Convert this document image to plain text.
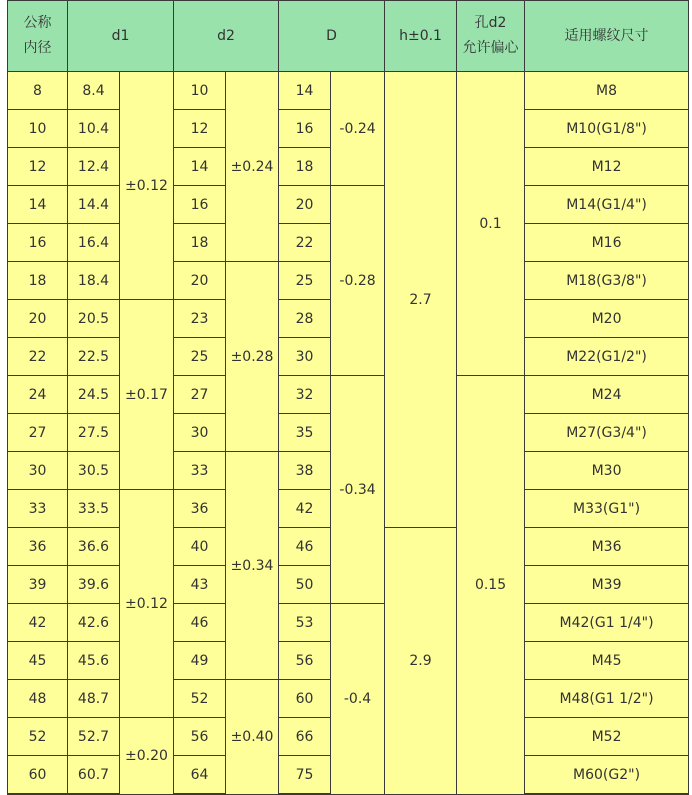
公称
内径	d1		d2		D		h±0.1	孔d2
允许偏心	适用螺纹尺寸
8	8.4	±0.12	10	±0.24	14	-0.24	2.7	0.1	M8
10	10.4		12		16				M10(G1/8")
12	12.4		14		18				M12
14	14.4		16		20	-0.28			M14(G1/4")
16	16.4		18		22				M16
18	18.4		20	±0.28	25				M18(G3/8")
20	20.5	±0.17	23		28				M20
22	22.5		25		30				M22(G1/2")
24	24.5		27		32	-0.34		0.15	M24
27	27.5		30		35				M27(G3/4")
30	30.5		33	±0.34	38				M30
33	33.5	±0.12	36		42				M33(G1")
36	36.6		40		46		2.9		M36
39	39.6		43		50				M39
42	42.6		46		53	-0.4			M42(G1 1/4")
45	45.6		49		56				M45
48	48.7		52	±0.40	60				M48(G1 1/2")
52	52.7	±0.20	56		66				M52
60	60.7		64		75				M60(G2")
